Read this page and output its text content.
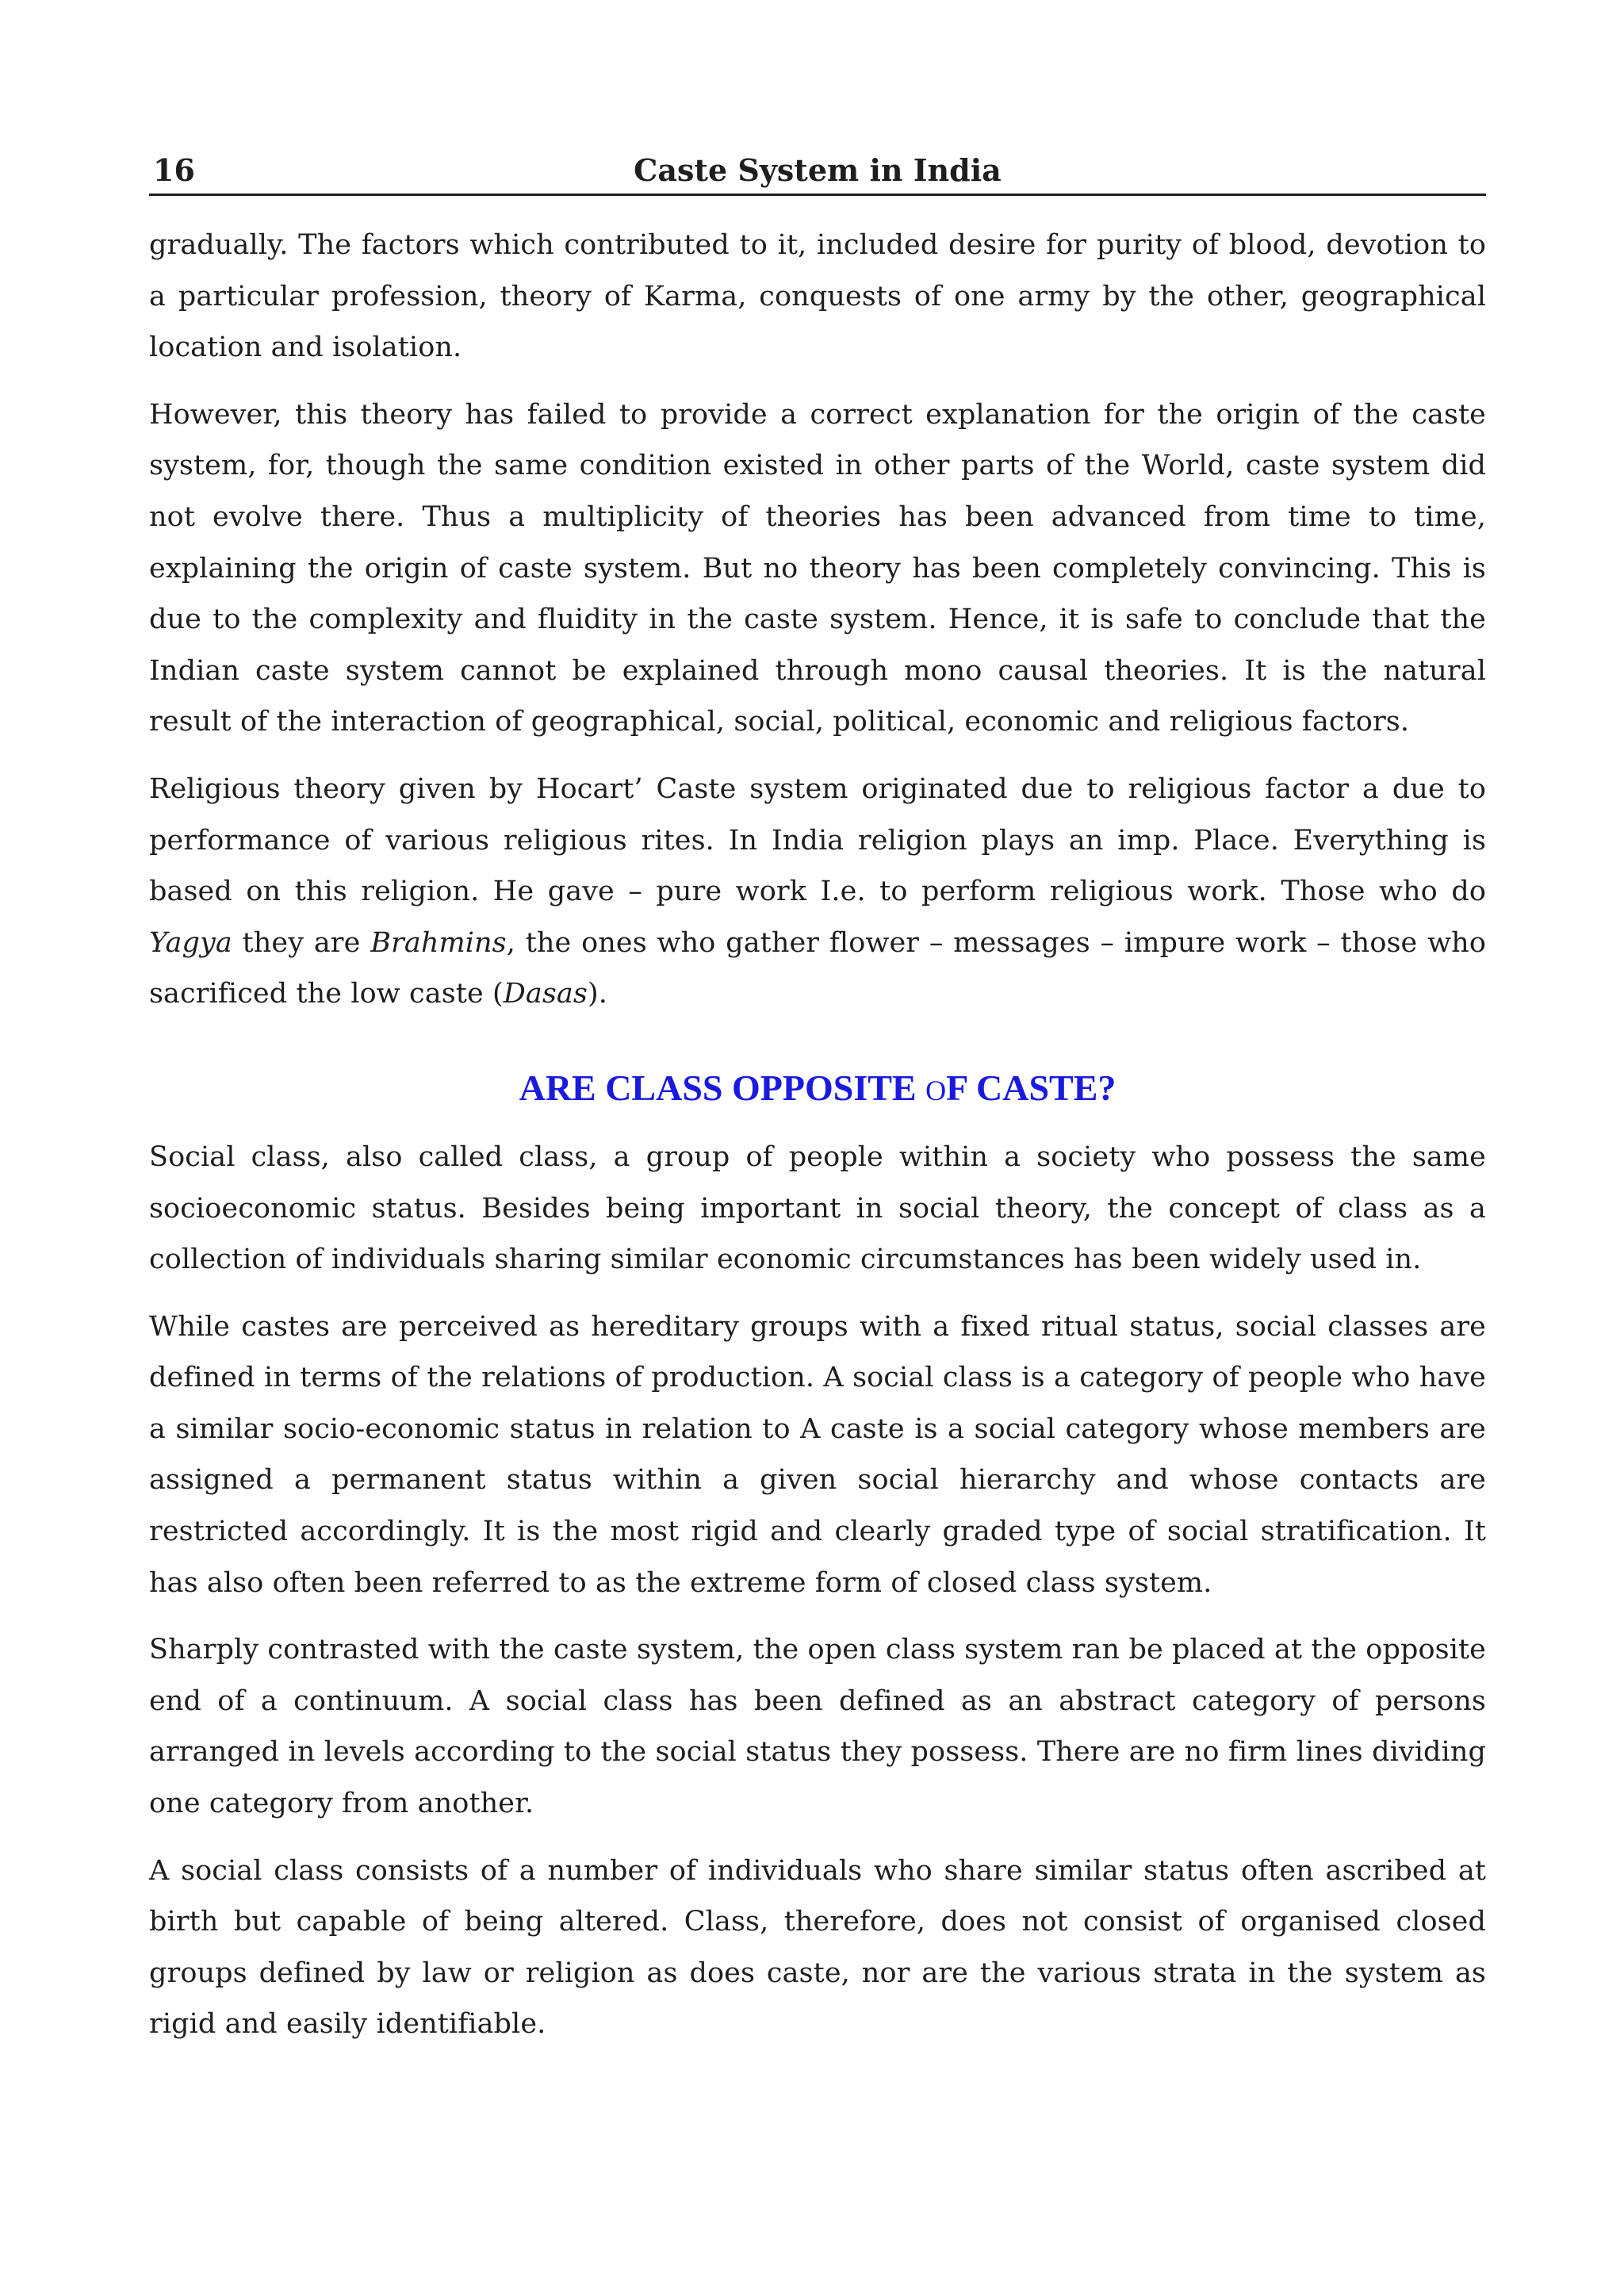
16	Caste System in India

gradually. The factors which contributed to it, included desire for purity of blood, devotion to a particular profession, theory of Karma, conquests of one army by the other, geographical location and isolation.

However, this theory has failed to provide a correct explanation for the origin of the caste system, for, though the same condition existed in other parts of the World, caste system did not evolve there. Thus a multiplicity of theories has been advanced from time to time, explaining the origin of caste system. But no theory has been completely convincing. This is due to the complexity and fluidity in the caste system. Hence, it is safe to conclude that the Indian caste system cannot be explained through mono causal theories. It is the natural result of the interaction of geographical, social, political, economic and religious factors.

Religious theory given by Hocart’ Caste system originated due to religious factor a due to performance of various religious rites. In India religion plays an imp. Place. Everything is based on this religion. He gave – pure work I.e. to perform religious work. Those who do Yagya they are Brahmins, the ones who gather flower – messages – impure work – those who sacrificed the low caste (Dasas).

ARE CLASS OPPOSITE OF CASTE?

Social class, also called class, a group of people within a society who possess the same socioeconomic status. Besides being important in social theory, the concept of class as a collection of individuals sharing similar economic circumstances has been widely used in.

While castes are perceived as hereditary groups with a fixed ritual status, social classes are defined in terms of the relations of production. A social class is a category of people who have a similar socio-economic status in relation to A caste is a social category whose members are assigned a permanent status within a given social hierarchy and whose contacts are restricted accordingly. It is the most rigid and clearly graded type of social stratification. It has also often been referred to as the extreme form of closed class system.

Sharply contrasted with the caste system, the open class system ran be placed at the opposite end of a continuum. A social class has been defined as an abstract category of persons arranged in levels according to the social status they possess. There are no firm lines dividing one category from another.

A social class consists of a number of individuals who share similar status often ascribed at birth but capable of being altered. Class, therefore, does not consist of organised closed groups defined by law or religion as does caste, nor are the various strata in the system as rigid and easily identifiable.
